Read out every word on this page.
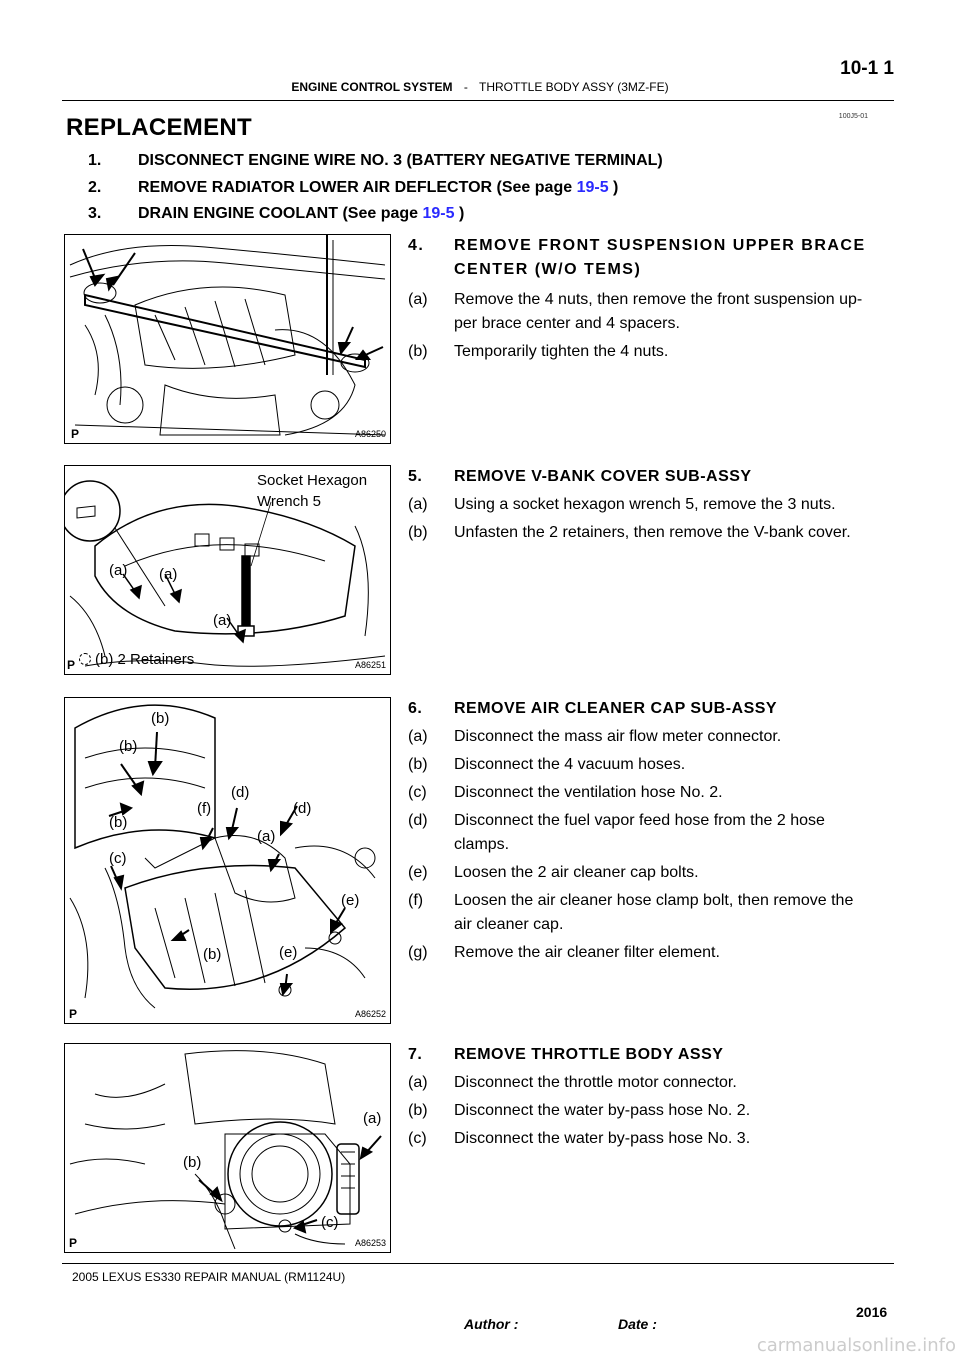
10-1 1
ENGINE CONTROL SYSTEM - THROTTLE BODY ASSY (3MZ-FE)
100J5-01
REPLACEMENT
1. DISCONNECT ENGINE WIRE NO. 3 (BATTERY NEGATIVE TERMINAL)
2. REMOVE RADIATOR LOWER AIR DEFLECTOR (See page 19-5 )
3. DRAIN ENGINE COOLANT (See page 19-5 )
P	A86250
4. REMOVE FRONT SUSPENSION UPPER BRACE
CENTER (W/O TEMS)
(a) Remove the 4 nuts, then remove the front suspension up-
per brace center and 4 spacers.
(b) Temporarily tighten the 4 nuts.
Socket Hexagon
Wrench 5
(a) (a)
(a)
(b) 2 Retainers
P	A86251
5. REMOVE V-BANK COVER SUB-ASSY
(a) Using a socket hexagon wrench 5, remove the 3 nuts.
(b) Unfasten the 2 retainers, then remove the V-bank cover.
(b)
(b)
(b)
(c)
(f)
(d)
(d)
(a)
(e)
(b)	(e)
P	A86252
6. REMOVE AIR CLEANER CAP SUB-ASSY
(a) Disconnect the mass air flow meter connector.
(b) Disconnect the 4 vacuum hoses.
(c) Disconnect the ventilation hose No. 2.
(d) Disconnect the fuel vapor feed hose from the 2 hose
clamps.
(e) Loosen the 2 air cleaner cap bolts.
(f) Loosen the air cleaner hose clamp bolt, then remove the
air cleaner cap.
(g) Remove the air cleaner filter element.
(a)
(b)
(c)
P	A86253
7. REMOVE THROTTLE BODY ASSY
(a) Disconnect the throttle motor connector.
(b) Disconnect the water by-pass hose No. 2.
(c) Disconnect the water by-pass hose No. 3.
2005 LEXUS ES330 REPAIR MANUAL (RM1124U)
2016
Author :	Date :
carmanualsonline.info
